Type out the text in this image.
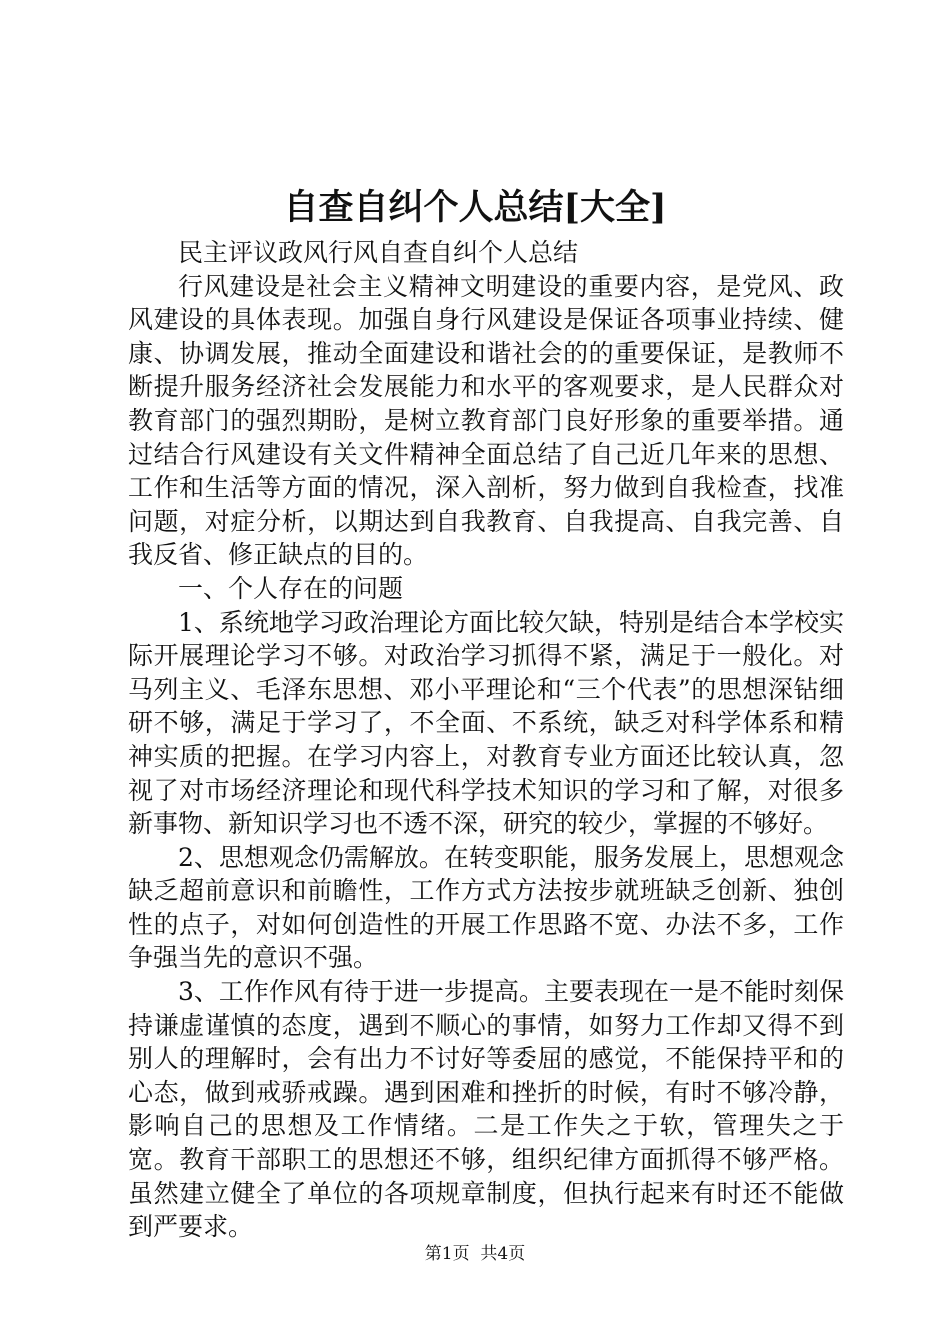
自查自纠个人总结[大全]

民主评议政风行风自查自纠个人总结

行风建设是社会主义精神文明建设的重要内容，是党风、政风建设的具体表现。加强自身行风建设是保证各项事业持续、健康、协调发展，推动全面建设和谐社会的的重要保证，是教师不断提升服务经济社会发展能力和水平的客观要求，是人民群众对教育部门的强烈期盼，是树立教育部门良好形象的重要举措。通过结合行风建设有关文件精神全面总结了自己近几年来的思想、工作和生活等方面的情况，深入剖析，努力做到自我检查，找准问题，对症分析，以期达到自我教育、自我提高、自我完善、自我反省、修正缺点的目的。

一、个人存在的问题

1、系统地学习政治理论方面比较欠缺，特别是结合本学校实际开展理论学习不够。对政治学习抓得不紧，满足于一般化。对马列主义、毛泽东思想、邓小平理论和“三个代表”的思想深钻细研不够，满足于学习了，不全面、不系统，缺乏对科学体系和精神实质的把握。在学习内容上，对教育专业方面还比较认真，忽视了对市场经济理论和现代科学技术知识的学习和了解，对很多新事物、新知识学习也不透不深，研究的较少，掌握的不够好。

2、思想观念仍需解放。在转变职能，服务发展上，思想观念缺乏超前意识和前瞻性，工作方式方法按步就班缺乏创新、独创性的点子，对如何创造性的开展工作思路不宽、办法不多，工作争强当先的意识不强。

3、工作作风有待于进一步提高。主要表现在一是不能时刻保持谦虚谨慎的态度，遇到不顺心的事情，如努力工作却又得不到别人的理解时，会有出力不讨好等委屈的感觉，不能保持平和的心态，做到戒骄戒躁。遇到困难和挫折的时候，有时不够冷静，影响自己的思想及工作情绪。二是工作失之于软，管理失之于宽。教育干部职工的思想还不够，组织纪律方面抓得不够严格。虽然建立健全了单位的各项规章制度，但执行起来有时还不能做到严要求。

第1页  共4页
